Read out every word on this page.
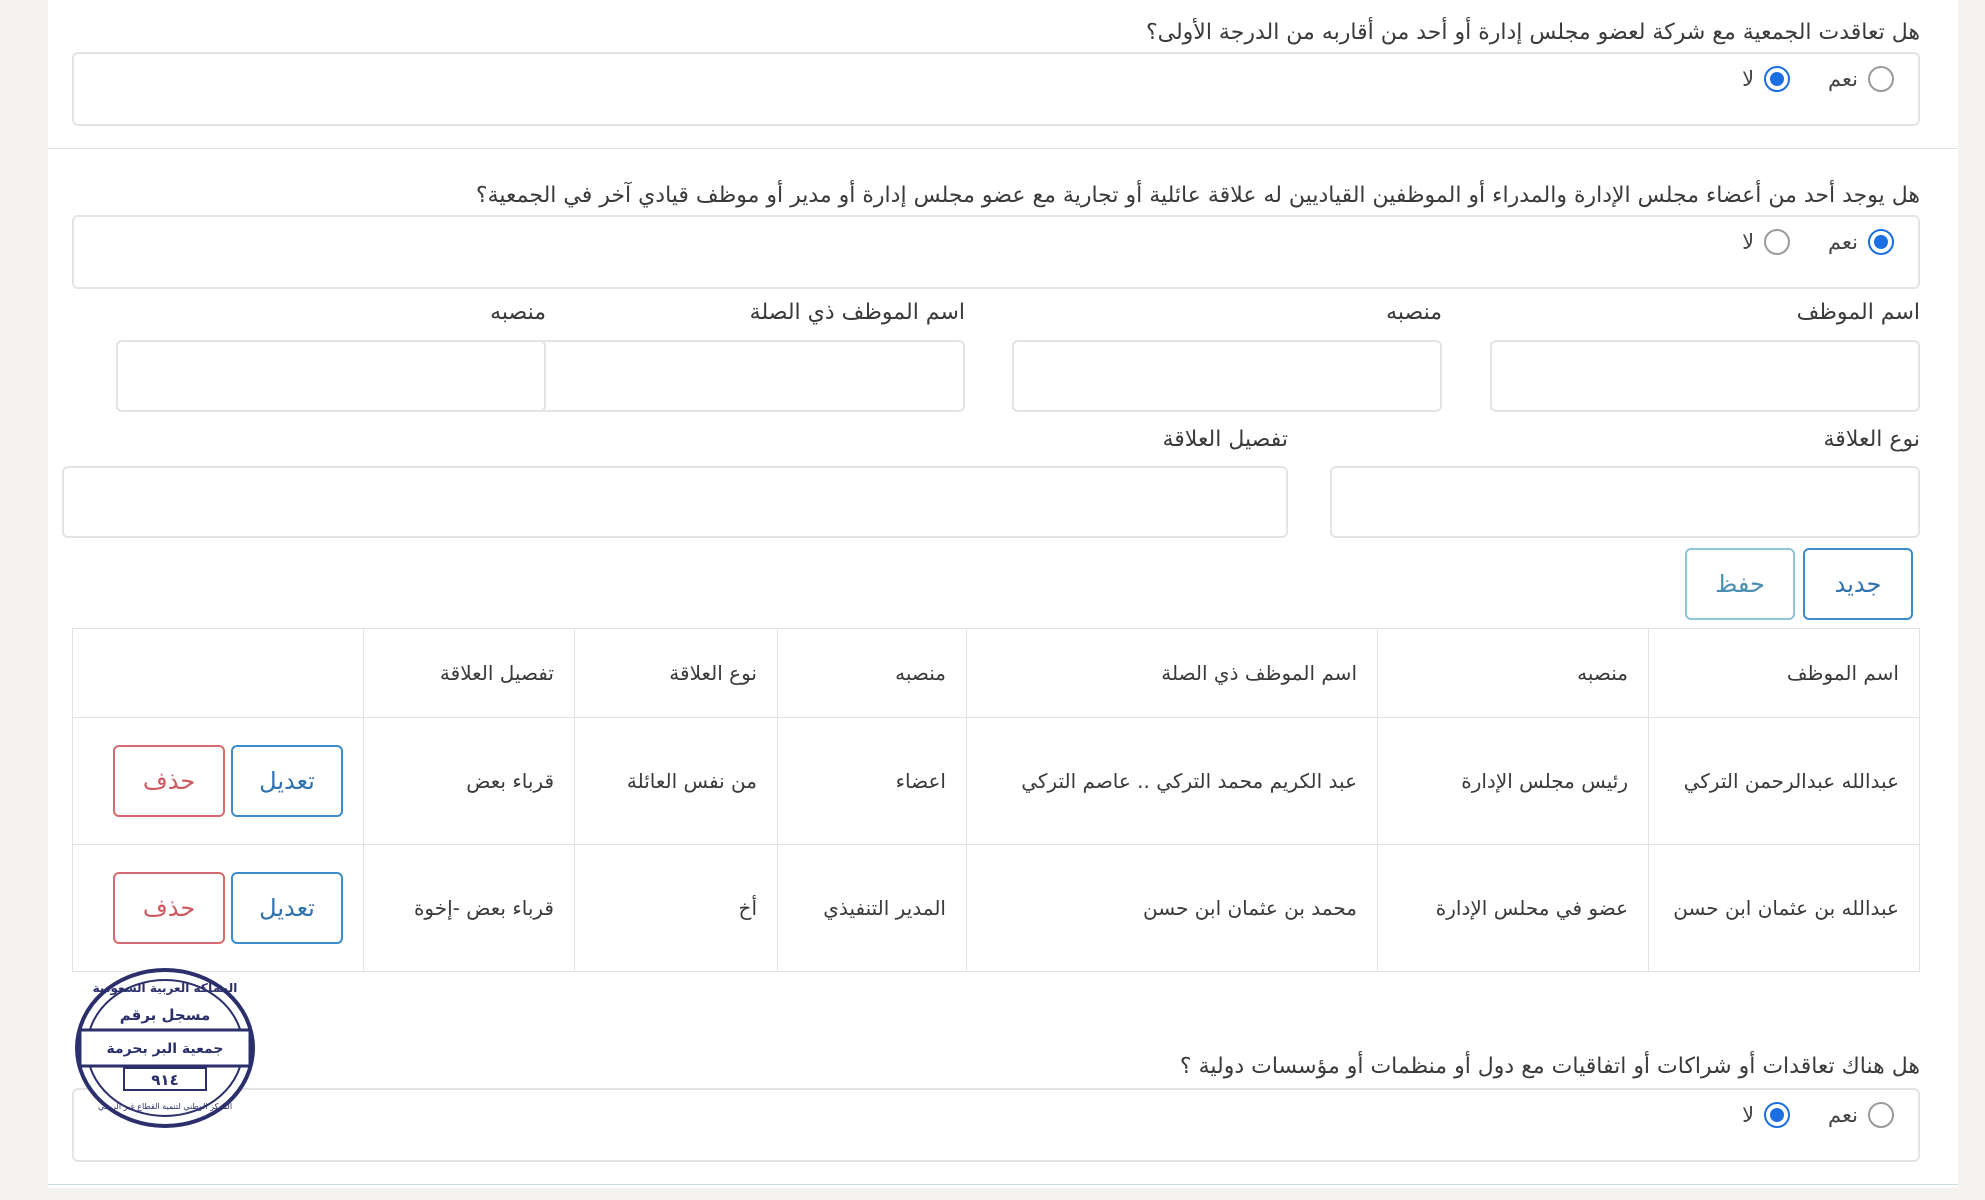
هل تعاقدت الجمعية مع شركة لعضو مجلس إدارة أو أحد من أقاربه من الدرجة الأولى؟
نعم
لا
هل يوجد أحد من أعضاء مجلس الإدارة والمدراء أو الموظفين القياديين له علاقة عائلية أو تجارية مع عضو مجلس إدارة أو مدير أو موظف قيادي آخر في الجمعية؟
نعم
لا
اسم الموظف
منصبه
اسم الموظف ذي الصلة
منصبه
نوع العلاقة
تفصيل العلاقة
جديد
حفظ
اسم الموظف	منصبه	اسم الموظف ذي الصلة	منصبه	نوع العلاقة	تفصيل العلاقة	
عبدالله عبدالرحمن التركي	رئيس مجلس الإدارة	عبد الكريم محمد التركي .. عاصم التركي	اعضاء	من نفس العائلة	قرباء بعض	تعديل
حذف

عبدالله بن عثمان ابن حسن	عضو في محلس الإدارة	محمد بن عثمان ابن حسن	المدير التنفيذي	أخ	قرباء بعض -إخوة	تعديل
حذف
هل هناك تعاقدات أو شراكات أو اتفاقيات مع دول أو منظمات أو مؤسسات دولية ؟
نعم
لا
المملكة العربية السعودية
مسجل برقم
جمعية البر بحرمة
٩١٤
المركز الوطني لتنمية القطاع غير الربحي
